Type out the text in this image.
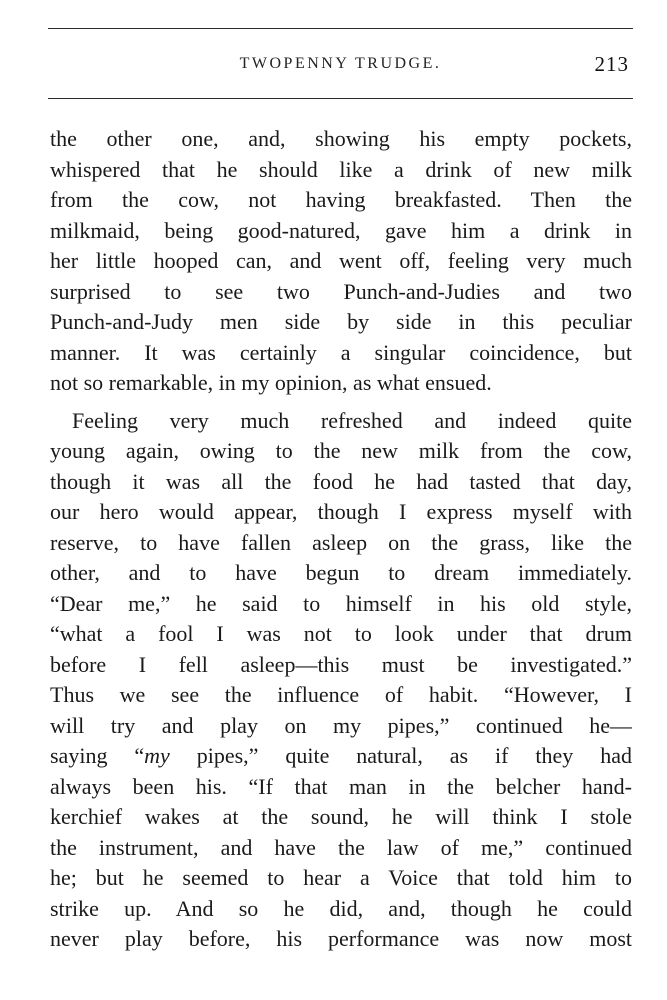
TWOPENNY TRUDGE.	213
the other one, and, showing his empty pockets,
whispered that he should like a drink of new milk
from the cow, not having breakfasted. Then the
milkmaid, being good-natured, gave him a drink in
her little hooped can, and went off, feeling very much
surprised to see two Punch-and-Judies and two
Punch-and-Judy men side by side in this peculiar
manner. It was certainly a singular coincidence, but
not so remarkable, in my opinion, as what ensued.
Feeling very much refreshed and indeed quite
young again, owing to the new milk from the cow,
though it was all the food he had tasted that day,
our hero would appear, though I express myself with
reserve, to have fallen asleep on the grass, like the
other, and to have begun to dream immediately.
“Dear me,” he said to himself in his old style,
“what a fool I was not to look under that drum
before I fell asleep—this must be investigated.”
Thus we see the influence of habit. “However, I
will try and play on my pipes,” continued he—
saying “my pipes,” quite natural, as if they had
always been his. “If that man in the belcher hand-
kerchief wakes at the sound, he will think I stole
the instrument, and have the law of me,” continued
he; but he seemed to hear a Voice that told him to
strike up. And so he did, and, though he could
never play before, his performance was now most
